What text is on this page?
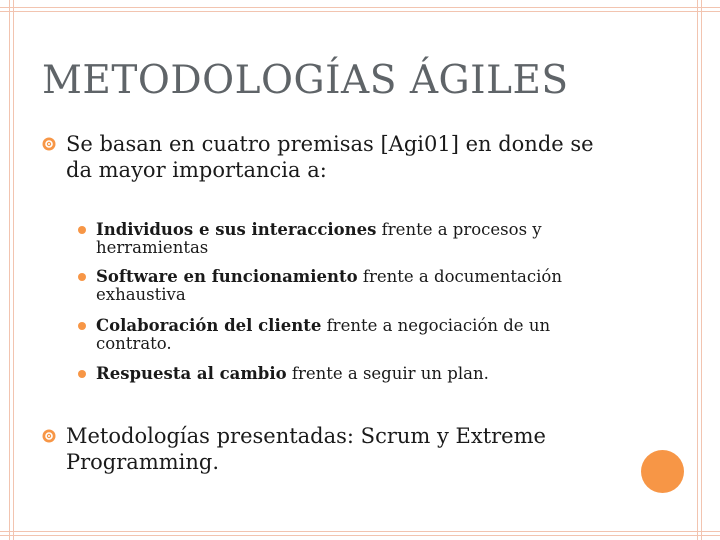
METODOLOGÍAS ÁGILES
Se basan en cuatro premisas [Agi01] en donde se da mayor importancia a:
Individuos e sus interacciones frente a procesos y herramientas
Software en funcionamiento frente a documentación exhaustiva
Colaboración del cliente frente a negociación de un contrato.
Respuesta al cambio frente a seguir un plan.
Metodologías presentadas: Scrum y Extreme Programming.
